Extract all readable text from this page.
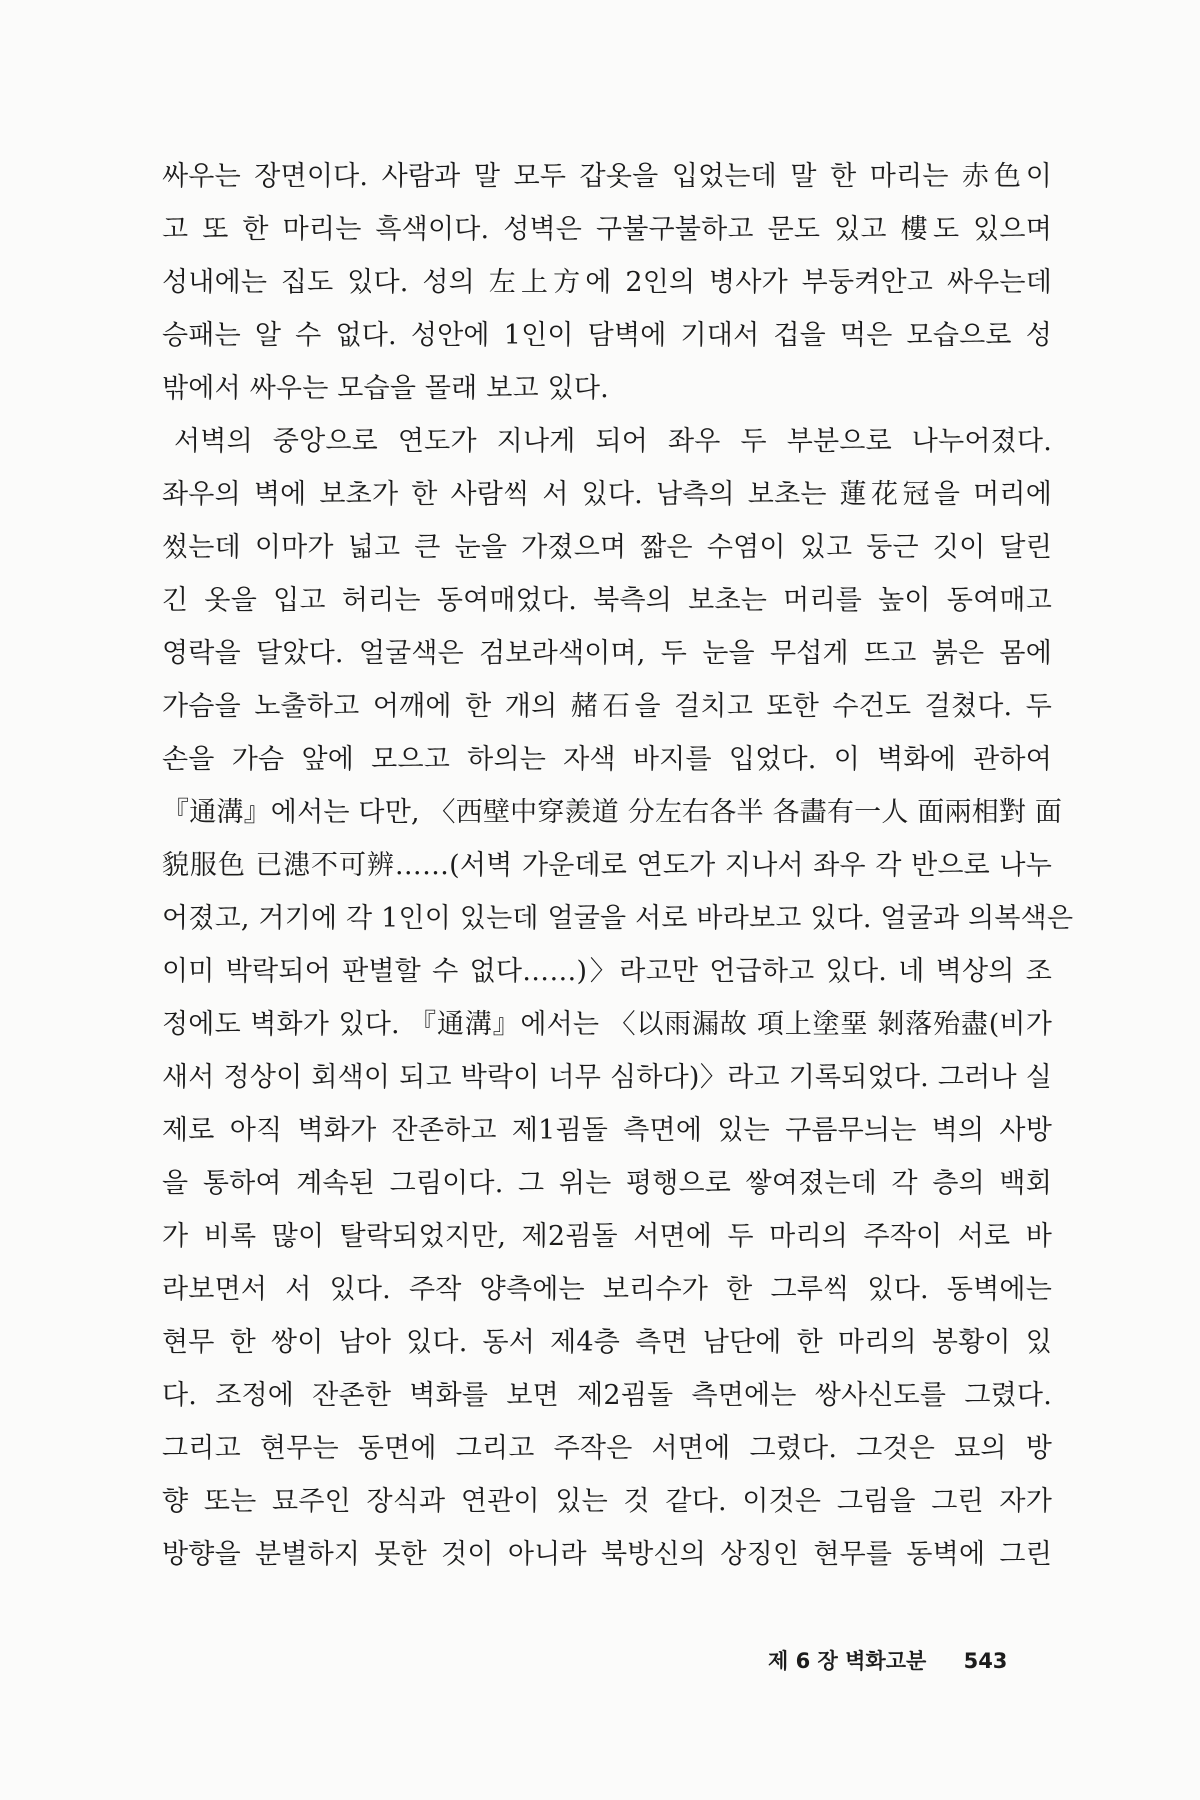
싸우는 장면이다. 사람과 말 모두 갑옷을 입었는데 말 한 마리는 赤色이
고 또 한 마리는 흑색이다. 성벽은 구불구불하고 문도 있고 樓도 있으며
성내에는 집도 있다. 성의 左上方에 2인의 병사가 부둥켜안고 싸우는데
승패는 알 수 없다. 성안에 1인이 담벽에 기대서 겁을 먹은 모습으로 성
밖에서 싸우는 모습을 몰래 보고 있다.
서벽의 중앙으로 연도가 지나게 되어 좌우 두 부분으로 나누어졌다.
좌우의 벽에 보초가 한 사람씩 서 있다. 남측의 보초는 蓮花冠을 머리에
썼는데 이마가 넓고 큰 눈을 가졌으며 짧은 수염이 있고 둥근 깃이 달린
긴 옷을 입고 허리는 동여매었다. 북측의 보초는 머리를 높이 동여매고
영락을 달았다. 얼굴색은 검보라색이며, 두 눈을 무섭게 뜨고 붉은 몸에
가슴을 노출하고 어깨에 한 개의 赭石을 걸치고 또한 수건도 걸쳤다. 두
손을 가슴 앞에 모으고 하의는 자색 바지를 입었다. 이 벽화에 관하여
『通溝』에서는 다만, 〈西壁中穿羨道 分左右各半 各畵有一人 面兩相對 面
貌服色 已漶不可辨……(서벽 가운데로 연도가 지나서 좌우 각 반으로 나누
어졌고, 거기에 각 1인이 있는데 얼굴을 서로 바라보고 있다. 얼굴과 의복색은
이미 박락되어 판별할 수 없다……)〉라고만 언급하고 있다. 네 벽상의 조
정에도 벽화가 있다. 『通溝』에서는 〈以雨漏故 項上塗堊 剝落殆盡(비가
새서 정상이 회색이 되고 박락이 너무 심하다)〉라고 기록되었다. 그러나 실
제로 아직 벽화가 잔존하고 제1굄돌 측면에 있는 구름무늬는 벽의 사방
을 통하여 계속된 그림이다. 그 위는 평행으로 쌓여졌는데 각 층의 백회
가 비록 많이 탈락되었지만, 제2굄돌 서면에 두 마리의 주작이 서로 바
라보면서 서 있다. 주작 양측에는 보리수가 한 그루씩 있다. 동벽에는
현무 한 쌍이 남아 있다. 동서 제4층 측면 남단에 한 마리의 봉황이 있
다. 조정에 잔존한 벽화를 보면 제2굄돌 측면에는 쌍사신도를 그렸다.
그리고 현무는 동면에 그리고 주작은 서면에 그렸다. 그것은 묘의 방
향 또는 묘주인 장식과 연관이 있는 것 같다. 이것은 그림을 그린 자가
방향을 분별하지 못한 것이 아니라 북방신의 상징인 현무를 동벽에 그린
제 6 장 벽화고분 543
